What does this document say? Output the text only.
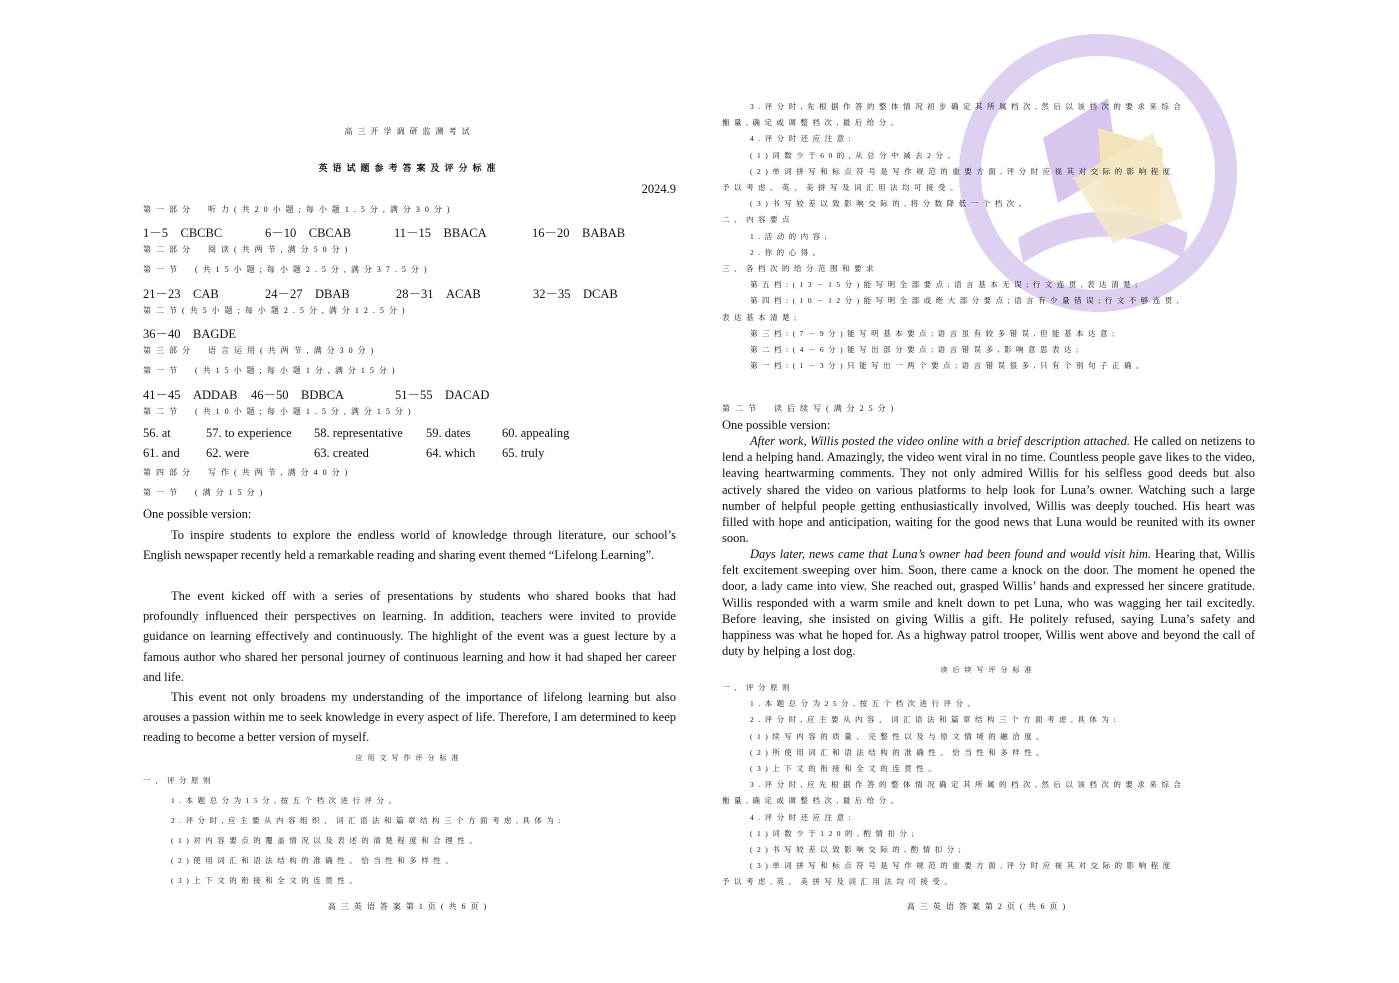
高三开学调研监测考试
英语试题参考答案及评分标准
2024.9
第一部分　听力(共20小题;每小题1.5分,满分30分)
1－5　CBCBC	6－10　CBCAB	11－15　BBACA	16－20　BABAB
第二部分　阅读(共两节,满分50分)
第一节　(共15小题;每小题2.5分,满分37.5分)
21－23　CAB	24－27　DBAB	28－31　ACAB	32－35　DCAB
第二节(共5小题;每小题2.5分,满分12.5分)
36－40　BAGDE
第三部分　语言运用(共两节,满分30分)
第一节　(共15小题;每小题1分,满分15分)
41－45　ADDAB 46－50　BDBCA	51－55　DACAD
第二节　(共10小题;每小题1.5分,满分15分)
56. at	57. to experience 58. representative 59. dates	60. appealing
61. and 62. were	63. created	64. which 65. truly
第四部分　写作(共两节,满分40分)
第一节　(满分15分)
One possible version:
To inspire students to explore the endless world of knowledge through literature, our school’s English newspaper recently held a remarkable reading and sharing event themed “Lifelong Learning”.
The event kicked off with a series of presentations by students who shared books that had profoundly influenced their perspectives on learning. In addition, teachers were invited to provide guidance on learning effectively and continuously. The highlight of the event was a guest lecture by a famous author who shared her personal journey of continuous learning and how it had shaped her career and life.
This event not only broadens my understanding of the importance of lifelong learning but also arouses a passion within me to seek knowledge in every aspect of life. Therefore, I am determined to keep reading to become a better version of myself.
应用文写作评分标准
一、评分原则
1.本题总分为15分,按五个档次进行评分。
2.评分时,应主要从内容组织、词汇语法和篇章结构三个方面考虑,具体为:
(1)对内容要点的覆盖情况以及表述的清楚程度和合理性。
(2)使用词汇和语法结构的准确性、恰当性和多样性。
(3)上下文的衔接和全文的连贯性。
高三英语答案第1页(共6页)
3.评分时,先根据作答的整体情况初步确定其所属档次,然后以该档次的要求来综合
衡量,确定或调整档次,最后给分。
4.评分时还应注意:
(1)词数少于60的,从总分中减去2分。
(2)单词拼写和标点符号是写作规范的重要方面,评分时应视其对交际的影响程度
予以考虑。英、美拼写及词汇用法均可接受。
(3)书写较差以致影响交际的,将分数降低一个档次。
二、内容要点
1.活动的内容;
2.你的心得。
三、各档次的给分范围和要求
第五档:(13－15分)能写明全部要点;语言基本无误;行文连贯,表达清楚;
第四档:(10－12分)能写明全部或绝大部分要点;语言有少量错误;行文不够连贯,
表达基本清楚;
第三档:(7－9分)能写明基本要点;语言虽有较多错误,但能基本达意;
第二档:(4－6分)能写出部分要点;语言错误多,影响意思表达;
第一档:(1－3分)只能写出一两个要点;语言错误很多,只有个别句子正确。
第二节　读后续写(满分25分)
One possible version:
After work, Willis posted the video online with a brief description attached. He called on netizens to lend a helping hand. Amazingly, the video went viral in no time. Countless people gave likes to the video, leaving heartwarming comments. They not only admired Willis for his selfless good deeds but also actively shared the video on various platforms to help look for Luna’s owner. Watching such a large number of helpful people getting enthusiastically involved, Willis was deeply touched. His heart was filled with hope and anticipation, waiting for the good news that Luna would be reunited with its owner soon.
Days later, news came that Luna’s owner had been found and would visit him. Hearing that, Willis felt excitement sweeping over him. Soon, there came a knock on the door. The moment he opened the door, a lady came into view. She reached out, grasped Willis’ hands and expressed her sincere gratitude. Willis responded with a warm smile and knelt down to pet Luna, who was wagging her tail excitedly. Before leaving, she insisted on giving Willis a gift. He politely refused, saying Luna’s safety and happiness was what he hoped for. As a highway patrol trooper, Willis went above and beyond the call of duty by helping a lost dog.
读后续写评分标准
一、评分原则
1.本题总分为25分,按五个档次进行评分。
2.评分时,应主要从内容、词汇语法和篇章结构三个方面考虑,具体为:
(1)续写内容的质量、完整性以及与原文情境的融洽度。
(2)所使用词汇和语法结构的准确性、恰当性和多样性。
(3)上下文的衔接和全文的连贯性。
3.评分时,应先根据作答的整体情况确定其所属的档次,然后以该档次的要求来综合
衡量,确定或调整档次,最后给分。
4.评分时还应注意:
(1)词数少于120的,酌情扣分;
(2)书写较差以致影响交际的,酌情扣分;
(3)单词拼写和标点符号是写作规范的重要方面,评分时应视其对交际的影响程度
予以考虑,英、美拼写及词汇用法均可接受。
高三英语答案第2页(共6页)
